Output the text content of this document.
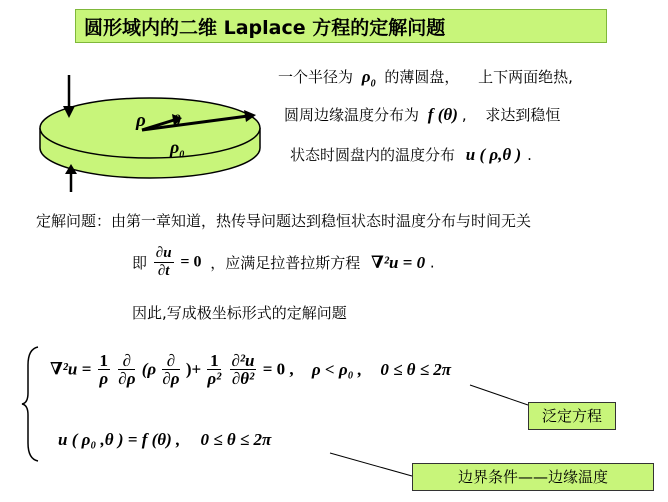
圆形域内的二维 Laplace 方程的定解问题
ρ θ
$\rho_0$
一个半径为 $\rho_0$ 的薄圆盘， 上下两面绝热,
圆周边缘温度分布为 f (θ) , 求达到稳恒
状态时圆盘内的温度分布 u ( ρ,θ ) .
定解问题：由第一章知道，热传导问题达到稳恒状态时温度分布与时间无关
即 $\frac{\partial u}{\partial t} = 0$ ，应满足拉普拉斯方程 ∇²u = 0 .
因此,写成极坐标形式的定解问题
$\nabla^2u = \frac{1}{\rho}$
$\frac{\partial}{\partial\rho} (\rho \frac{\partial}{\partial\rho}$ )+ $\frac{1}{\text{ρ²}}$
$\frac{\text{∂²u}}{\text{∂θ²}} = 0$ , ρ < ρ₀ , 0 ≤ θ ≤ 2π
u ( ρ₀ ,θ ) = f (θ) , 0 ≤ θ ≤ 2π
泛定方程
边界条件——边缘温度
